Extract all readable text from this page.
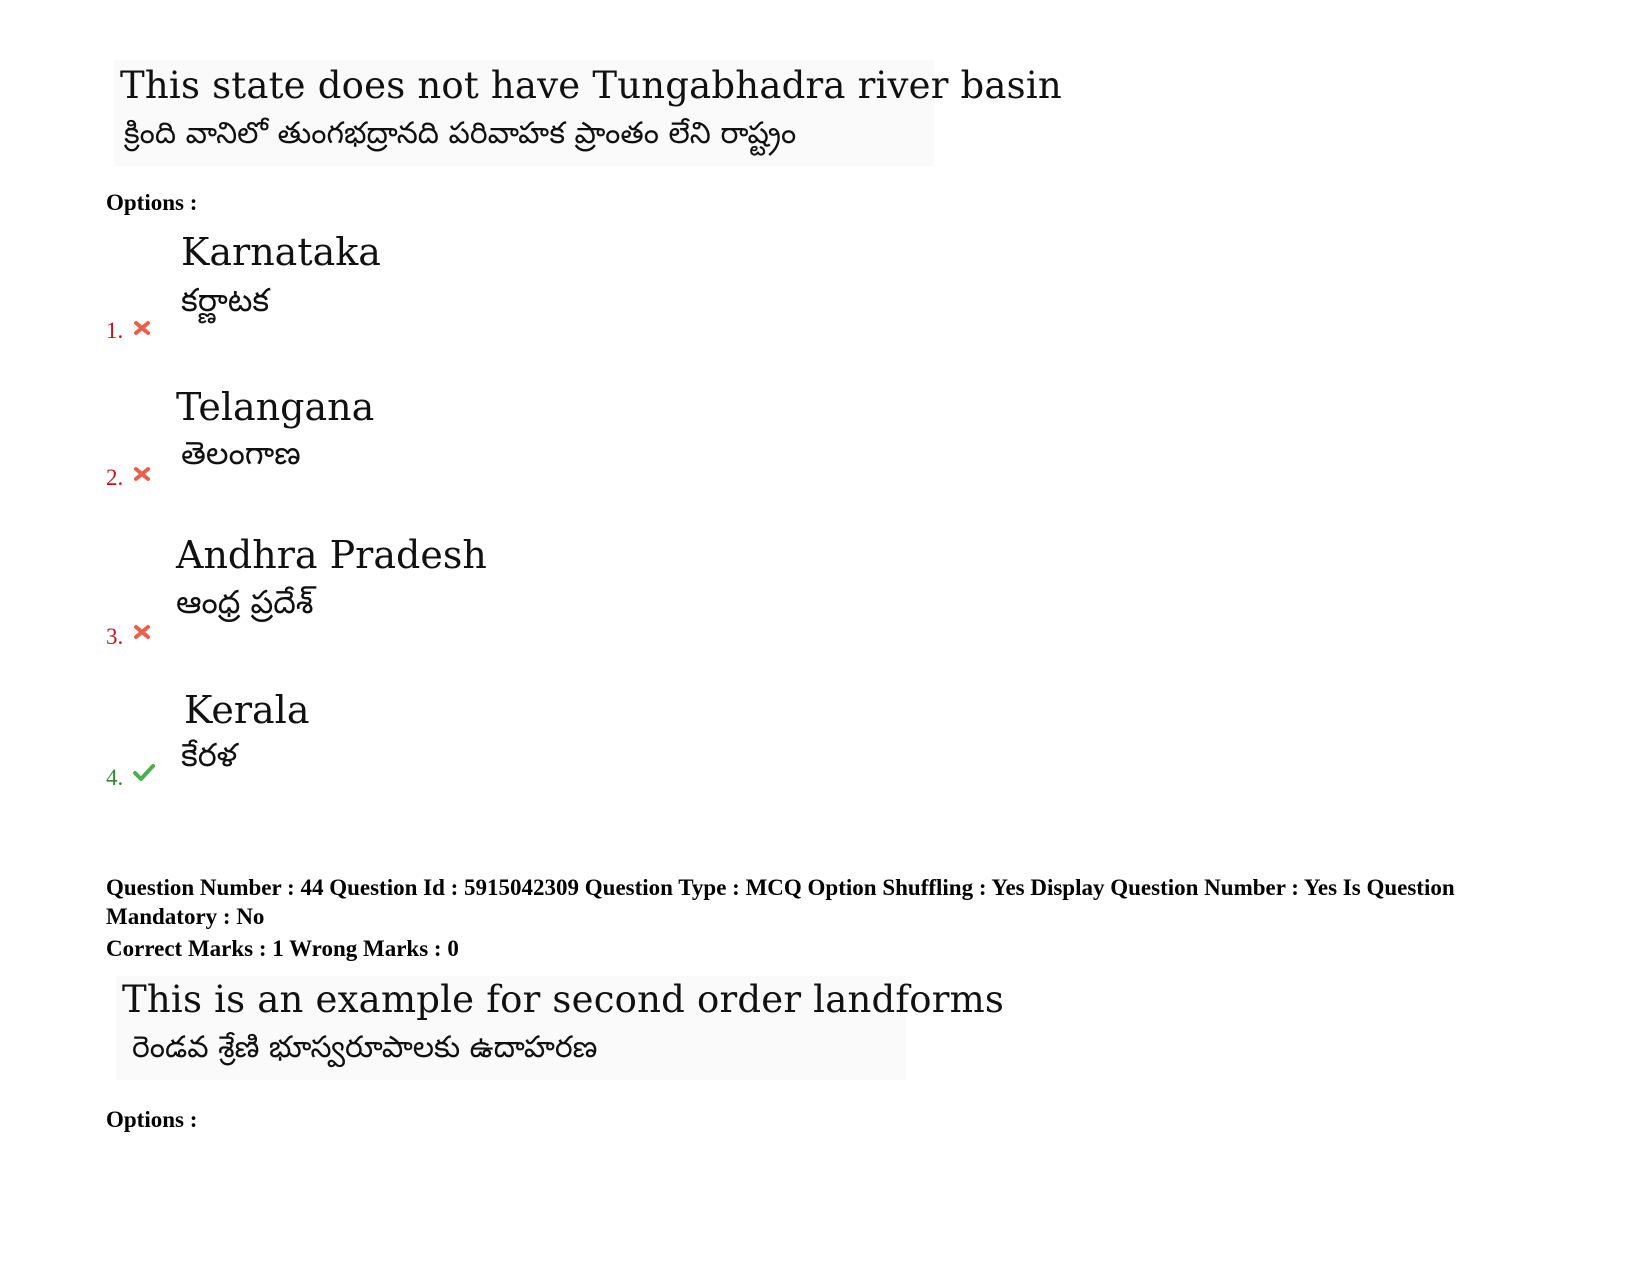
This state does not have Tungabhadra river basin
క్రింది వానిలో తుంగభద్రానది పరివాహక ప్రాంతం లేని రాష్ట్రం
Options :
Karnataka
కర్ణాటక
1.
Telangana
తెలంగాణ
2.
Andhra Pradesh
ఆంధ్ర ప్రదేశ్
3.
Kerala
కేరళ
4.
Question Number : 44 Question Id : 5915042309 Question Type : MCQ Option Shuffling : Yes Display Question Number : Yes Is Question Mandatory : No
Correct Marks : 1 Wrong Marks : 0
This is an example for second order landforms
రెండవ శ్రేణి భూస్వరూపాలకు ఉదాహరణ
Options :
